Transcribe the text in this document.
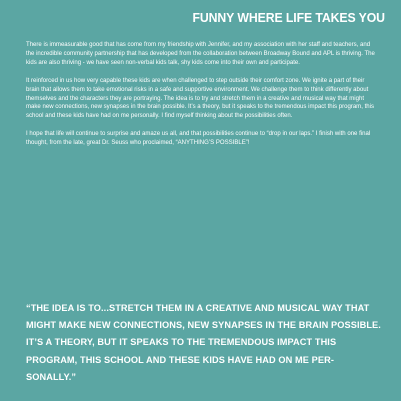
FUNNY WHERE LIFE TAKES YOU

There is immeasurable good that has come from my friendship with Jennifer, and my association with her staff and teachers, and the incredible community partnership that has developed from the collaboration between Broadway Bound and APL is thriving. The kids are also thriving - we have seen non-verbal kids talk, shy kids come into their own and participate.

It reinforced in us how very capable these kids are when challenged to step outside their comfort zone. We ignite a part of their brain that allows them to take emotional risks in a safe and supportive environment. We challenge them to think differently about themselves and the characters they are portraying. The idea is to try and stretch them in a creative and musical way that might make new connections, new synapses in the brain possible. It’s a theory, but it speaks to the tremendous impact this program, this school and these kids have had on me personally. I find myself thinking about the possibilities often.

I hope that life will continue to surprise and amaze us all, and that possibilities continue to “drop in our laps.” I finish with one final thought, from the late, great Dr. Seuss who proclaimed, “ANYTHING’S POSSIBLE”!

“THE IDEA IS TO...STRETCH THEM IN A CREATIVE AND MUSICAL WAY THAT MIGHT MAKE NEW CONNECTIONS, NEW SYNAPSES IN THE BRAIN POSSIBLE. IT’S A THEORY, BUT IT SPEAKS TO THE TREMENDOUS IMPACT THIS PROGRAM, THIS SCHOOL AND THESE KIDS HAVE HAD ON ME PER-SONALLY.”
